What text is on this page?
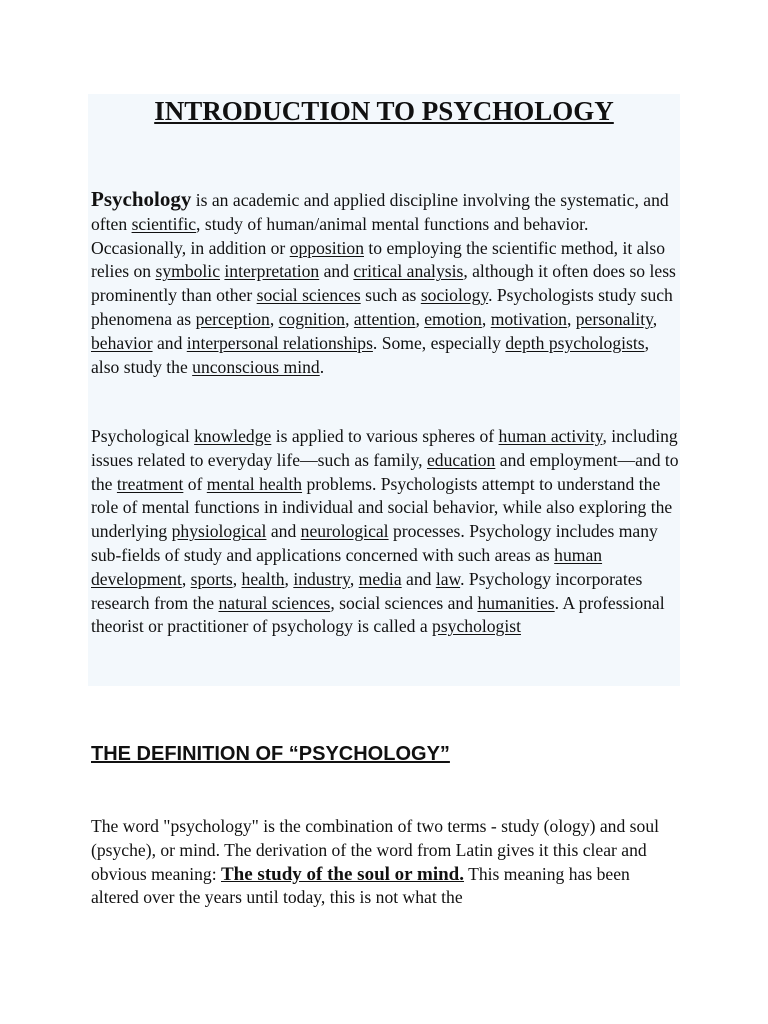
INTRODUCTION TO PSYCHOLOGY

Psychology is an academic and applied discipline involving the systematic, and often scientific, study of human/animal mental functions and behavior. Occasionally, in addition or opposition to employing the scientific method, it also relies on symbolic interpretation and critical analysis, although it often does so less prominently than other social sciences such as sociology. Psychologists study such phenomena as perception, cognition, attention, emotion, motivation, personality, behavior and interpersonal relationships. Some, especially depth psychologists, also study the unconscious mind.

Psychological knowledge is applied to various spheres of human activity, including issues related to everyday life—such as family, education and employment—and to the treatment of mental health problems. Psychologists attempt to understand the role of mental functions in individual and social behavior, while also exploring the underlying physiological and neurological processes. Psychology includes many sub-fields of study and applications concerned with such areas as human development, sports, health, industry, media and law. Psychology incorporates research from the natural sciences, social sciences and humanities. A professional theorist or practitioner of psychology is called a psychologist

THE DEFINITION OF “PSYCHOLOGY”

The word "psychology" is the combination of two terms - study (ology) and soul (psyche), or mind. The derivation of the word from Latin gives it this clear and obvious meaning: The study of the soul or mind. This meaning has been altered over the years until today, this is not what the
